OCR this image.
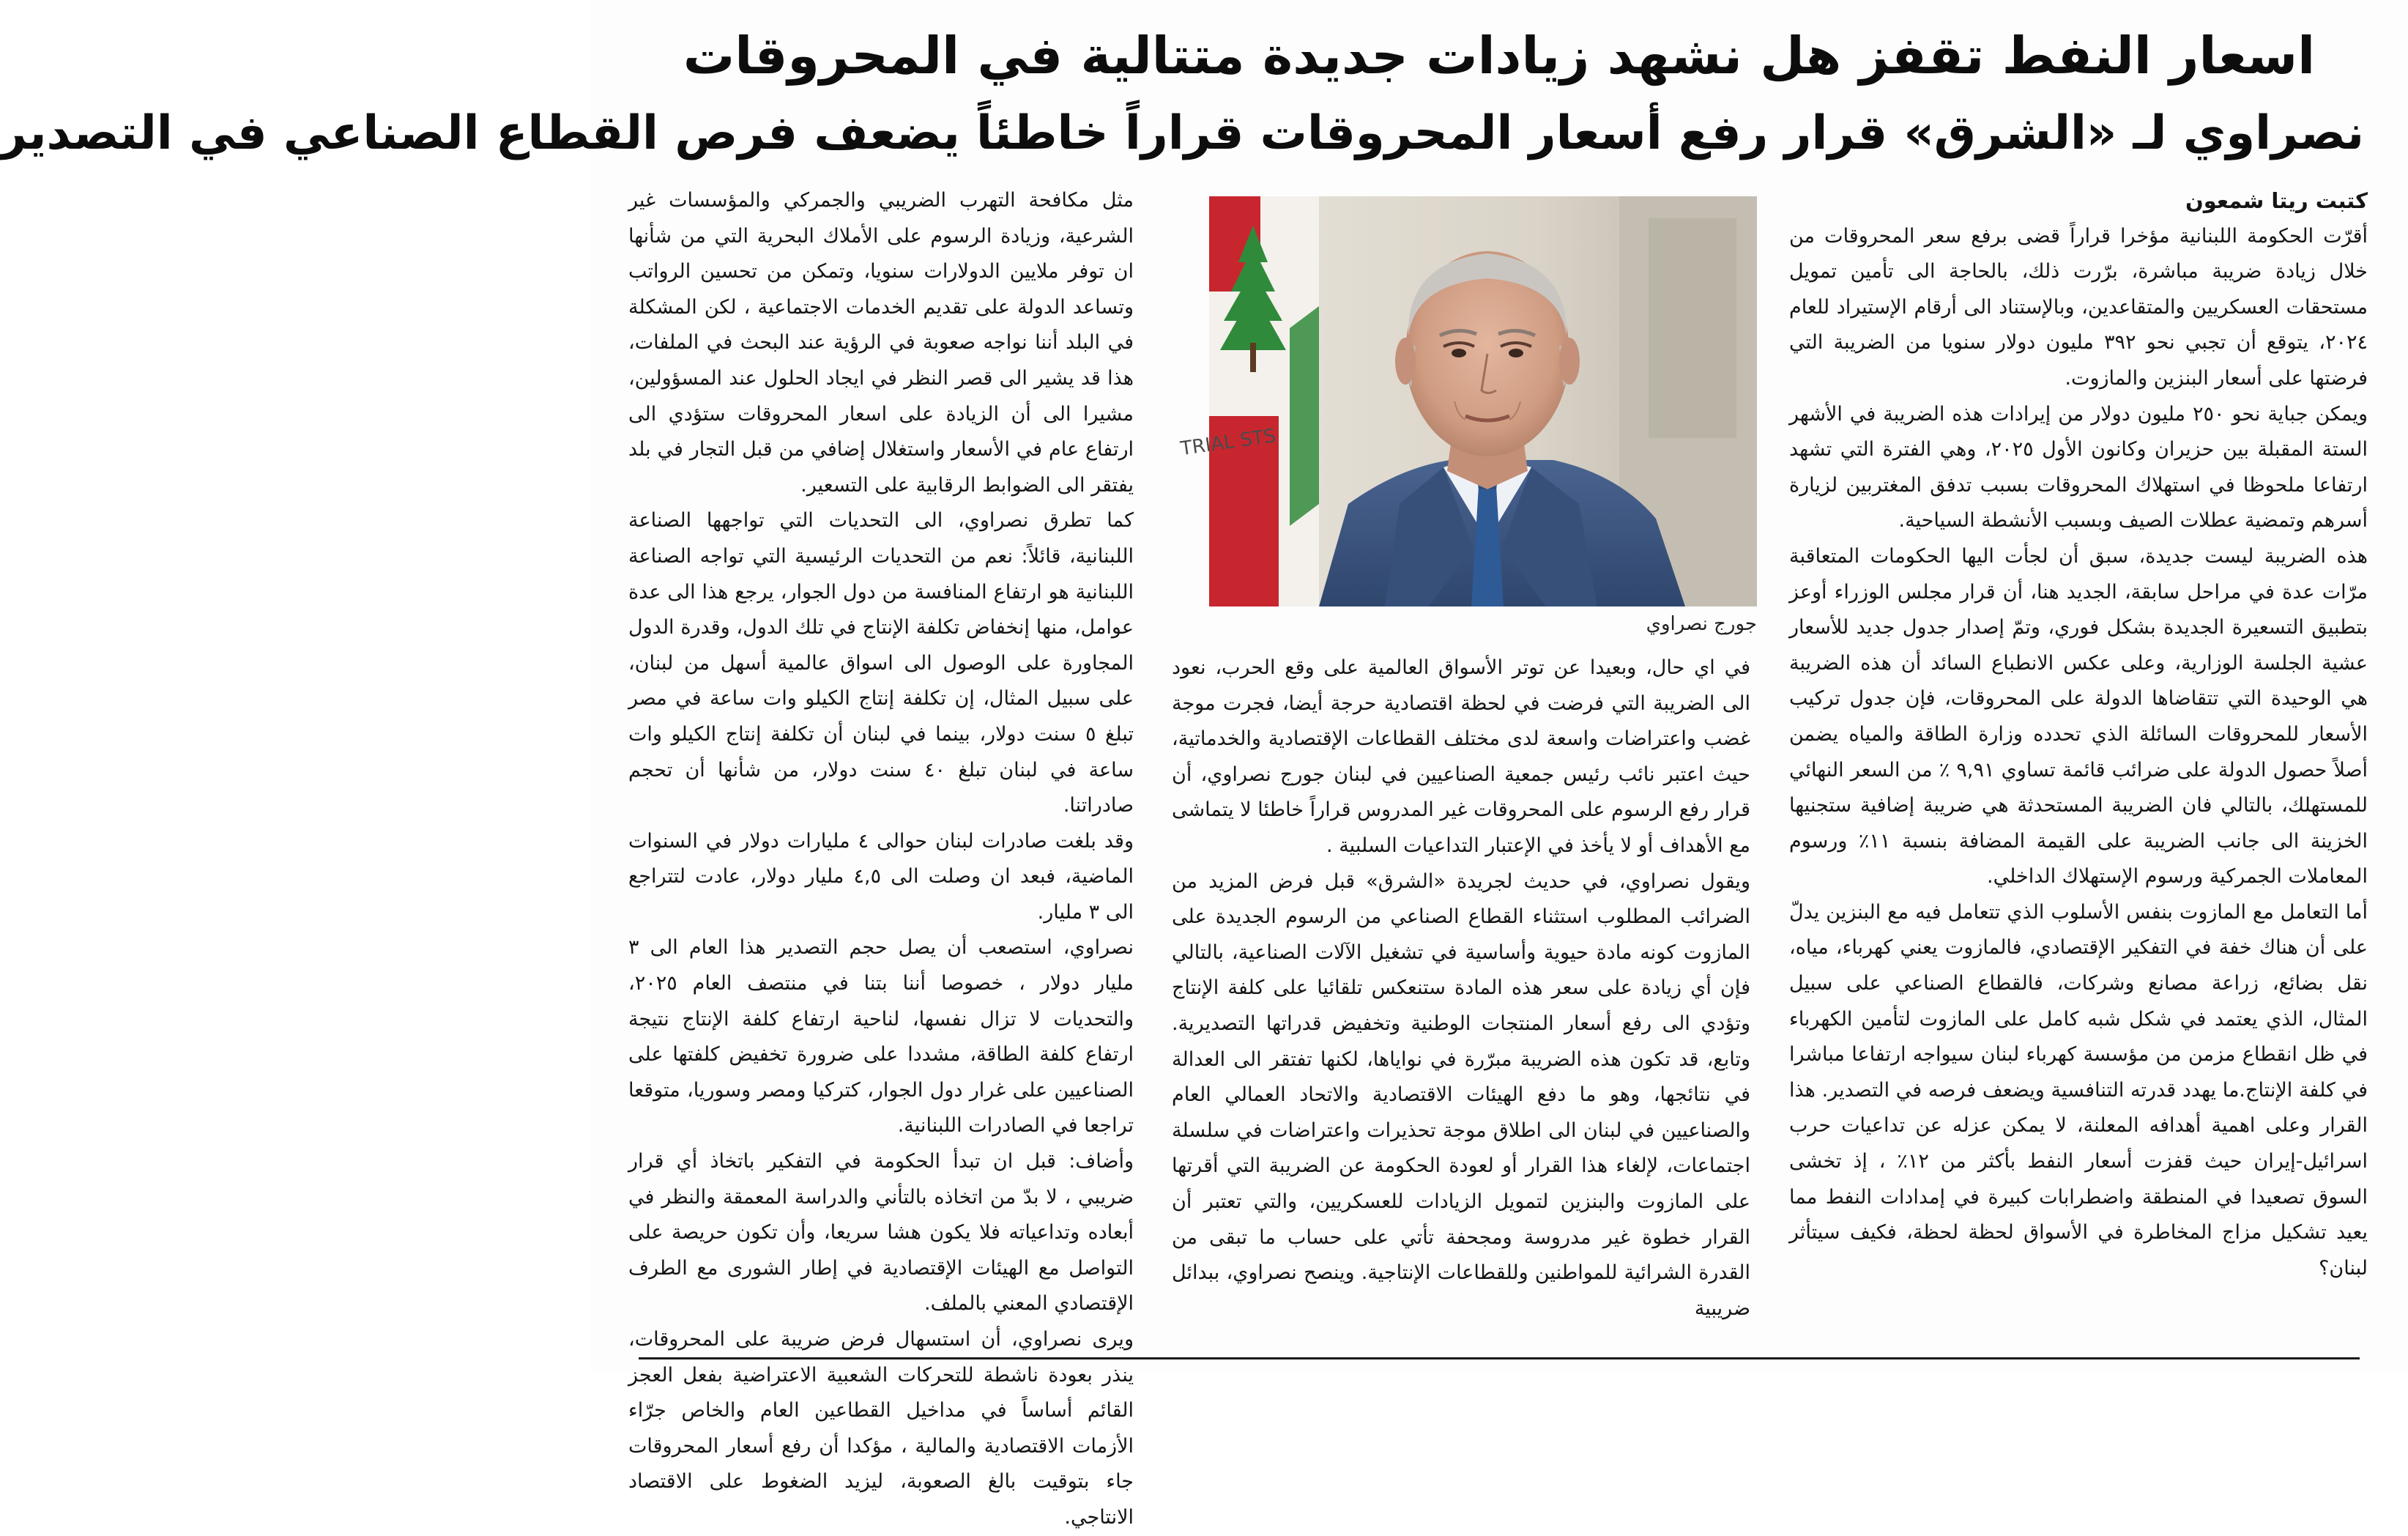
اسعار النفط تقفز هل نشهد زيادات جديدة متتالية في المحروقات
نصراوي لـ «الشرق» قرار رفع أسعار المحروقات قراراً خاطئاً يضعف فرص القطاع الصناعي في التصدير

كتبت ريتا شمعون

أقرّت الحكومة اللبنانية مؤخرا قراراً قضى برفع سعر المحروقات من خلال زيادة ضريبة مباشرة، برّرت ذلك، بالحاجة الى تأمين تمويل مستحقات العسكريين والمتقاعدين، وبالإستناد الى أرقام الإستيراد للعام ٢٠٢٤، يتوقع أن تجبي نحو ٣٩٢ مليون دولار سنويا من الضريبة التي فرضتها على أسعار البنزين والمازوت.

ويمكن جباية نحو ٢٥٠ مليون دولار من إيرادات هذه الضريبة في الأشهر الستة المقبلة بين حزيران وكانون الأول ٢٠٢٥، وهي الفترة التي تشهد ارتفاعا ملحوظا في استهلاك المحروقات بسبب تدفق المغتربين لزيارة أسرهم وتمضية عطلات الصيف وبسبب الأنشطة السياحية.

هذه الضريبة ليست جديدة، سبق أن لجأت اليها الحكومات المتعاقبة مرّات عدة في مراحل سابقة، الجديد هنا، أن قرار مجلس الوزراء أوعز بتطبيق التسعيرة الجديدة بشكل فوري، وتمّ إصدار جدول جديد للأسعار عشية الجلسة الوزارية، وعلى عكس الانطباع السائد أن هذه الضريبة هي الوحيدة التي تتقاضاها الدولة على المحروقات، فإن جدول تركيب الأسعار للمحروقات السائلة الذي تحدده وزارة الطاقة والمياه يضمن أصلاً حصول الدولة على ضرائب قائمة تساوي ٩,٩١ ٪ من السعر النهائي للمستهلك، بالتالي فان الضريبة المستحدثة هي ضريبة إضافية ستجنيها الخزينة الى جانب الضريبة على القيمة المضافة بنسبة ١١٪ ورسوم المعاملات الجمركية ورسوم الإستهلاك الداخلي.

أما التعامل مع المازوت بنفس الأسلوب الذي تتعامل فيه مع البنزين يدلّ على أن هناك خفة في التفكير الإقتصادي، فالمازوت يعني كهرباء، مياه، نقل بضائع، زراعة مصانع وشركات، فالقطاع الصناعي على سبيل المثال، الذي يعتمد في شكل شبه كامل على المازوت لتأمين الكهرباء في ظل انقطاع مزمن من مؤسسة كهرباء لبنان سيواجه ارتفاعا مباشرا في كلفة الإنتاج.ما يهدد قدرته التنافسية ويضعف فرصه في التصدير. هذا القرار وعلى اهمية أهدافه المعلنة، لا يمكن عزله عن تداعيات حرب اسرائيل-إيران حيث قفزت أسعار النفط بأكثر من ١٢٪ ، إذ تخشى السوق تصعيدا في المنطقة واضطرابات كبيرة في إمدادات النفط مما يعيد تشكيل مزاج المخاطرة في الأسواق لحظة لحظة، فكيف سيتأثر لبنان؟

TRIAL STS
جورج نصراوي

في اي حال، وبعيدا عن توتر الأسواق العالمية على وقع الحرب، نعود الى الضريبة التي فرضت في لحظة اقتصادية حرجة أيضا، فجرت موجة غضب واعتراضات واسعة لدى مختلف القطاعات الإقتصادية والخدماتية، حيث اعتبر نائب رئيس جمعية الصناعيين في لبنان جورج نصراوي، أن قرار رفع الرسوم على المحروقات غير المدروس قراراً خاطئا لا يتماشى مع الأهداف أو لا يأخذ في الإعتبار التداعيات السلبية .

ويقول نصراوي، في حديث لجريدة «الشرق» قبل فرض المزيد من الضرائب المطلوب استثناء القطاع الصناعي من الرسوم الجديدة على المازوت كونه مادة حيوية وأساسية في تشغيل الآلات الصناعية، بالتالي فإن أي زيادة على سعر هذه المادة ستنعكس تلقائيا على كلفة الإنتاج وتؤدي الى رفع أسعار المنتجات الوطنية وتخفيض قدراتها التصديرية. وتابع، قد تكون هذه الضريبة مبرّرة في نواياها، لكنها تفتقر الى العدالة في نتائجها، وهو ما دفع الهيئات الاقتصادية والاتحاد العمالي العام والصناعيين في لبنان الى اطلاق موجة تحذيرات واعتراضات في سلسلة اجتماعات، لإلغاء هذا القرار أو لعودة الحكومة عن الضريبة التي أقرتها على المازوت والبنزين لتمويل الزيادات للعسكريين، والتي تعتبر أن القرار خطوة غير مدروسة ومجحفة تأتي على حساب ما تبقى من القدرة الشرائية للمواطنين وللقطاعات الإنتاجية. وينصح نصراوي، ببدائل ضريبية

مثل مكافحة التهرب الضريبي والجمركي والمؤسسات غير الشرعية، وزيادة الرسوم على الأملاك البحرية التي من شأنها ان توفر ملايين الدولارات سنويا، وتمكن من تحسين الرواتب وتساعد الدولة على تقديم الخدمات الاجتماعية ، لكن المشكلة في البلد أننا نواجه صعوبة في الرؤية عند البحث في الملفات، هذا قد يشير الى قصر النظر في ايجاد الحلول عند المسؤولين، مشيرا الى أن الزيادة على اسعار المحروقات ستؤدي الى ارتفاع عام في الأسعار واستغلال إضافي من قبل التجار في بلد يفتقر الى الضوابط الرقابية على التسعير.

كما تطرق نصراوي، الى التحديات التي تواجهها الصناعة اللبنانية، قائلاً: نعم من التحديات الرئيسية التي تواجه الصناعة اللبنانية هو ارتفاع المنافسة من دول الجوار، يرجع هذا الى عدة عوامل، منها إنخفاض تكلفة الإنتاج في تلك الدول، وقدرة الدول المجاورة على الوصول الى اسواق عالمية أسهل من لبنان، على سبيل المثال، إن تكلفة إنتاج الكيلو وات ساعة في مصر تبلغ ٥ سنت دولار، بينما في لبنان أن تكلفة إنتاج الكيلو وات ساعة في لبنان تبلغ ٤٠ سنت دولار، من شأنها أن تحجم صادراتنا.

وقد بلغت صادرات لبنان حوالى ٤ مليارات دولار في السنوات الماضية، فبعد ان وصلت الى ٤,٥ مليار دولار، عادت لتتراجع الى ٣ مليار.

نصراوي، استصعب أن يصل حجم التصدير هذا العام الى ٣ مليار دولار ، خصوصا أننا بتنا في منتصف العام ٢٠٢٥، والتحديات لا تزال نفسها، لناحية ارتفاع كلفة الإنتاج نتيجة ارتفاع كلفة الطاقة، مشددا على ضرورة تخفيض كلفتها على الصناعيين على غرار دول الجوار، كتركيا ومصر وسوريا، متوقعا تراجعا في الصادرات اللبنانية.

وأضاف: قبل ان تبدأ الحكومة في التفكير باتخاذ أي قرار ضريبي ، لا بدّ من اتخاذه بالتأني والدراسة المعمقة والنظر في أبعاده وتداعياته فلا يكون هشا سريعا، وأن تكون حريصة على التواصل مع الهيئات الإقتصادية في إطار الشورى مع الطرف الإقتصادي المعني بالملف.

ويرى نصراوي، أن استسهال فرض ضريبة على المحروقات، ينذر بعودة ناشطة للتحركات الشعبية الاعتراضية بفعل العجز القائم أساساً في مداخيل القطاعين العام والخاص جرّاء الأزمات الاقتصادية والمالية ، مؤكدا أن رفع أسعار المحروقات جاء بتوقيت بالغ الصعوبة، ليزيد الضغوط على الاقتصاد الانتاجي.
